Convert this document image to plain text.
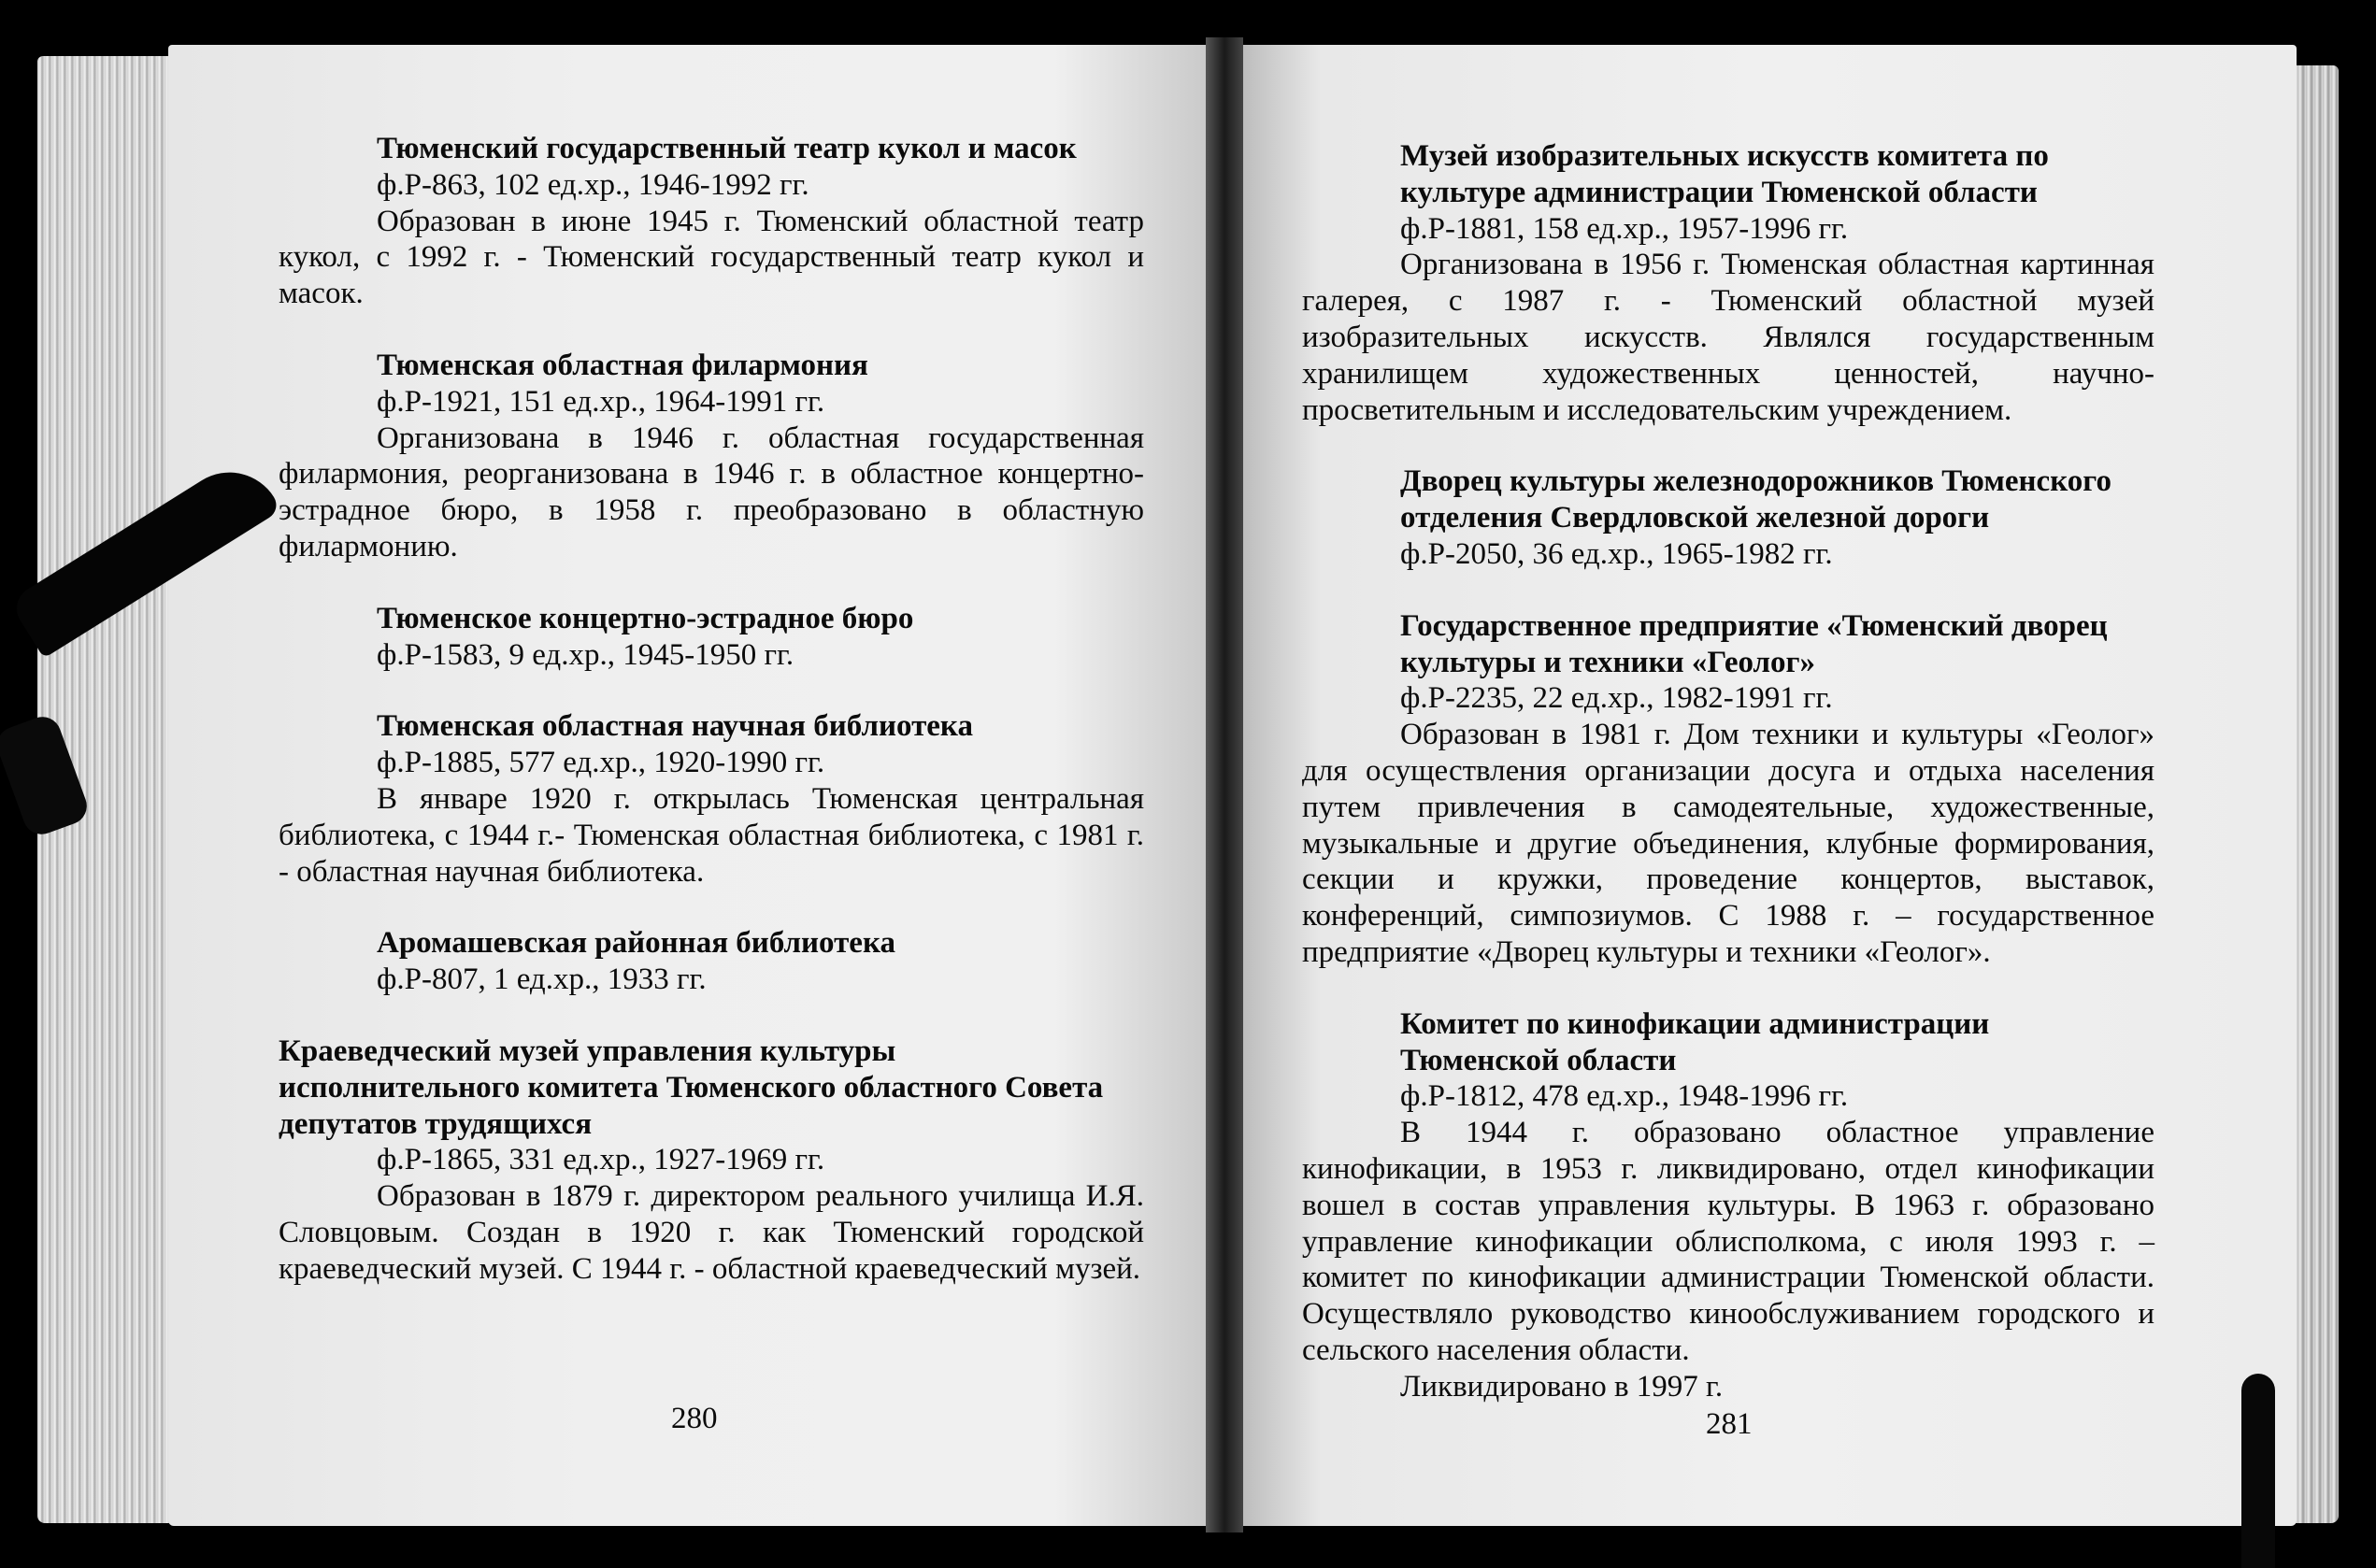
Тюменский государственный театр кукол и масок
ф.Р-863, 102 ед.хр., 1946-1992 гг.

Образован в июне 1945 г. Тюменский областной театр кукол, с 1992 г. - Тюменский государственный театр кукол и масок.

Тюменская областная филармония
ф.Р-1921, 151 ед.хр., 1964-1991 гг.

Организована в 1946 г. областная государственная филармония, реорганизована в 1946 г. в областное концертно-эстрадное бюро, в 1958 г. преобразовано в областную филармонию.

Тюменское концертно-эстрадное бюро
ф.Р-1583, 9 ед.хр., 1945-1950 гг.
Тюменская областная научная библиотека
ф.Р-1885, 577 ед.хр., 1920-1990 гг.

В январе 1920 г. открылась Тюменская центральная библиотека, с 1944 г.- Тюменская областная библиотека, с 1981 г. - областная научная библиотека.

Аромашевская районная библиотека
ф.Р-807, 1 ед.хр., 1933 гг.
Краеведческий музей управления культуры исполнительного комитета Тюменского областного Совета депутатов трудящихся
ф.Р-1865, 331 ед.хр., 1927-1969 гг.

Образован в 1879 г. директором реального училища И.Я. Словцовым. Создан в 1920 г. как Тюменский городской краеведческий музей. С 1944 г. - областной краеведческий музей.

280
Музей изобразительных искусств комитета по культуре администрации Тюменской области
ф.Р-1881, 158 ед.хр., 1957-1996 гг.

Организована в 1956 г. Тюменская областная картинная галерея, с 1987 г. - Тюменский областной музей изобразительных искусств. Являлся государственным хранилищем художественных ценностей, научно-просветительным и исследовательским учреждением.

Дворец культуры железнодорожников Тюменского отделения Свердловской железной дороги
ф.Р-2050, 36 ед.хр., 1965-1982 гг.
Государственное предприятие «Тюменский дворец культуры и техники «Геолог»
ф.Р-2235, 22 ед.хр., 1982-1991 гг.

Образован в 1981 г. Дом техники и культуры «Геолог» для осуществления организации досуга и отдыха населения путем привлечения в самодеятельные, художественные, музыкальные и другие объединения, клубные формирования, секции и кружки, проведение концертов, выставок, конференций, симпозиумов. С 1988 г. – государственное предприятие «Дворец культуры и техники «Геолог».

Комитет по кинофикации администрации Тюменской области
ф.Р-1812, 478 ед.хр., 1948-1996 гг.

В 1944 г. образовано областное управление кинофикации, в 1953 г. ликвидировано, отдел кинофикации вошел в состав управления культуры. В 1963 г. образовано управление кинофикации облисполкома, с июля 1993 г. – комитет по кинофикации администрации Тюменской области. Осуществляло руководство кинообслуживанием городского и сельского населения области.

Ликвидировано в 1997 г.

281
